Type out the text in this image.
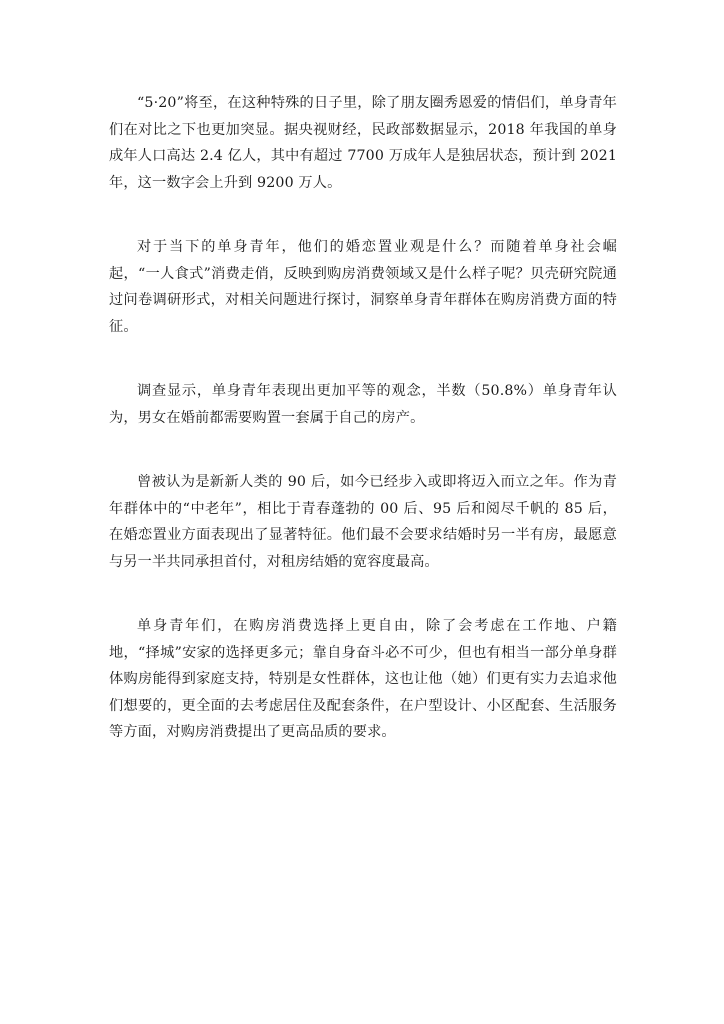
“5·20”将至，在这种特殊的日子里，除了朋友圈秀恩爱的情侣们，单身青年们在对比之下也更加突显。据央视财经，民政部数据显示，2018 年我国的单身成年人口高达 2.4 亿人，其中有超过 7700 万成年人是独居状态，预计到 2021 年，这一数字会上升到 9200 万人。

对于当下的单身青年，他们的婚恋置业观是什么？而随着单身社会崛起，“一人食式”消费走俏，反映到购房消费领域又是什么样子呢？贝壳研究院通过问卷调研形式，对相关问题进行探讨，洞察单身青年群体在购房消费方面的特征。

调查显示，单身青年表现出更加平等的观念，半数（50.8%）单身青年认为，男女在婚前都需要购置一套属于自己的房产。

曾被认为是新新人类的 90 后，如今已经步入或即将迈入而立之年。作为青年群体中的“中老年”，相比于青春蓬勃的 00 后、95 后和阅尽千帆的 85 后，在婚恋置业方面表现出了显著特征。他们最不会要求结婚时另一半有房，最愿意与另一半共同承担首付，对租房结婚的宽容度最高。

单身青年们，在购房消费选择上更自由，除了会考虑在工作地、户籍地，“择城”安家的选择更多元；靠自身奋斗必不可少，但也有相当一部分单身群体购房能得到家庭支持，特别是女性群体，这也让他（她）们更有实力去追求他们想要的，更全面的去考虑居住及配套条件，在户型设计、小区配套、生活服务等方面，对购房消费提出了更高品质的要求。
